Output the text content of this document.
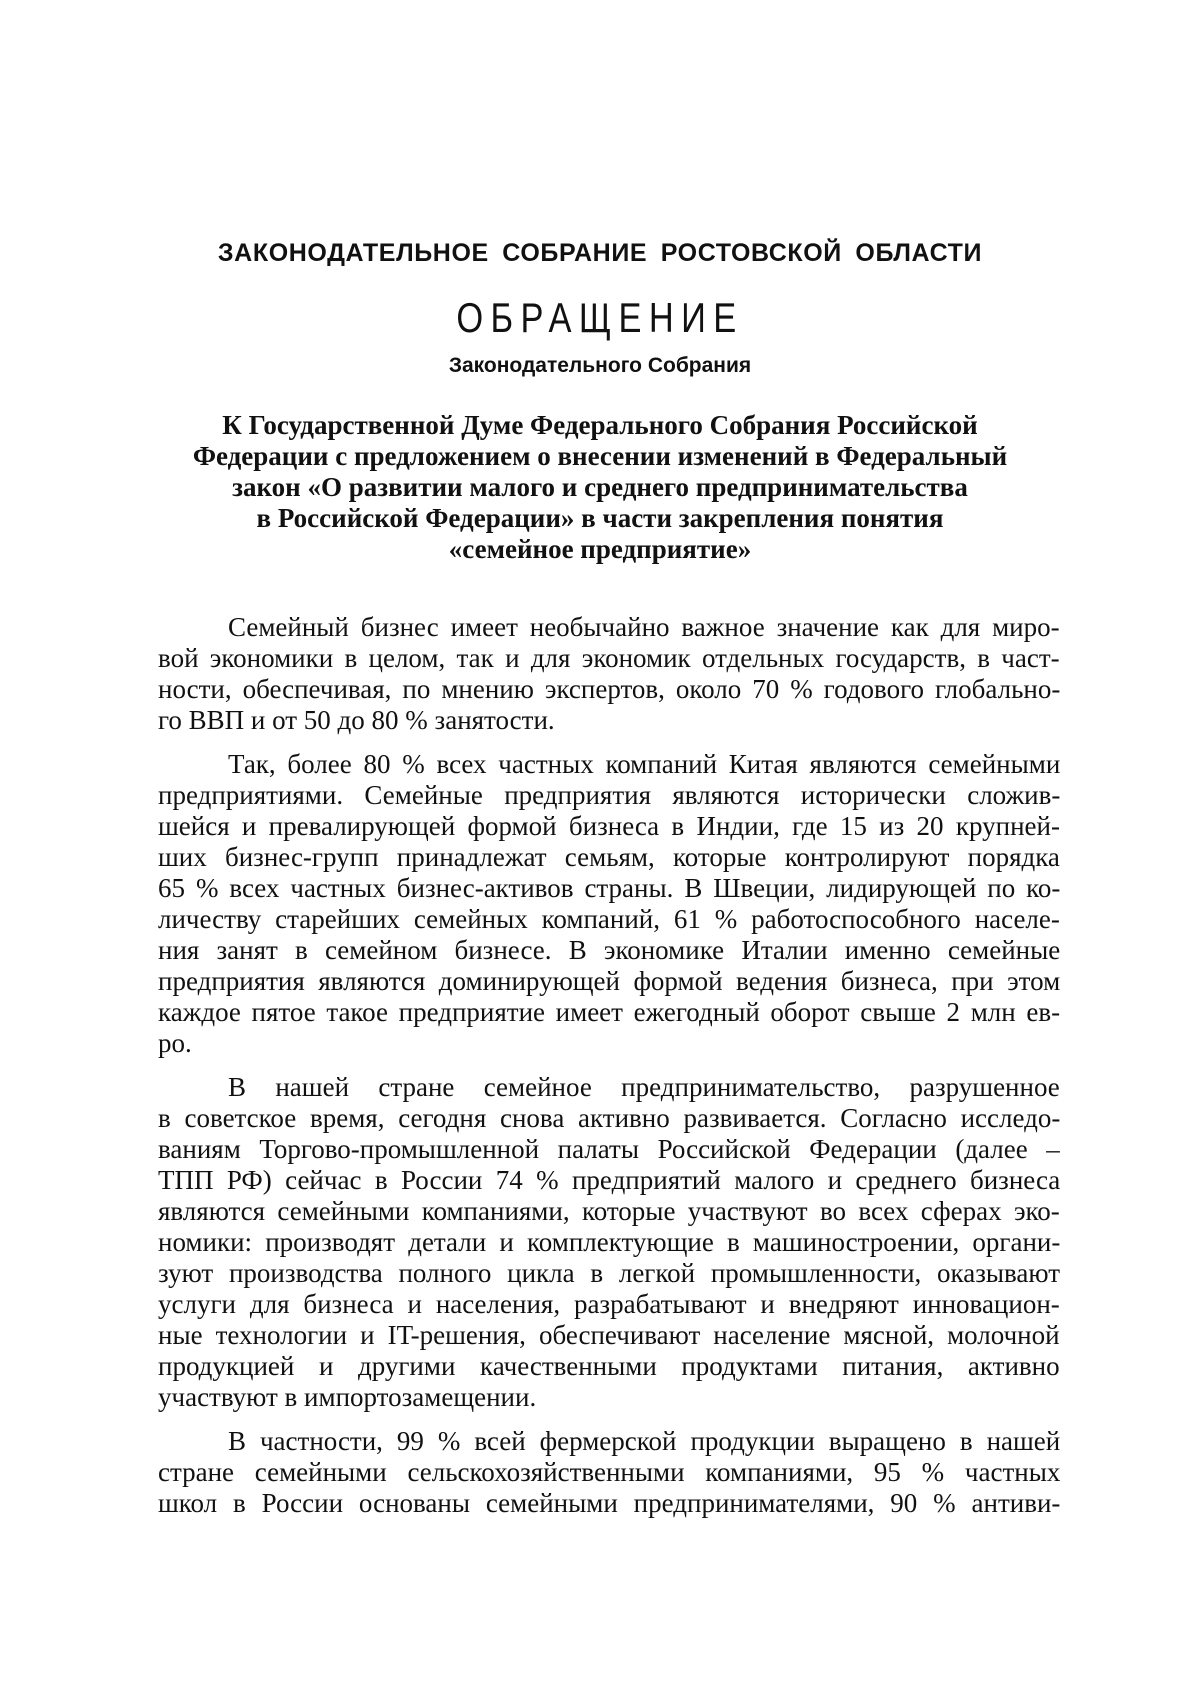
ЗАКОНОДАТЕЛЬНОЕ СОБРАНИЕ РОСТОВСКОЙ ОБЛАСТИ
ОБРАЩЕНИЕ
Законодательного Собрания
К Государственной Думе Федерального Собрания Российской
Федерации с предложением о внесении изменений в Федеральный
закон «О развитии малого и среднего предпринимательства
в Российской Федерации» в части закрепления понятия
«семейное предприятие»
Семейный бизнес имеет необычайно важное значение как для миро-
вой экономики в целом, так и для экономик отдельных государств, в част-
ности, обеспечивая, по мнению экспертов, около 70 % годового глобально-
го ВВП и от 50 до 80 % занятости.
Так, более 80 % всех частных компаний Китая являются семейными
предприятиями. Семейные предприятия являются исторически сложив-
шейся и превалирующей формой бизнеса в Индии, где 15 из 20 крупней-
ших бизнес-групп принадлежат семьям, которые контролируют порядка
65 % всех частных бизнес-активов страны. В Швеции, лидирующей по ко-
личеству старейших семейных компаний, 61 % работоспособного населе-
ния занят в семейном бизнесе. В экономике Италии именно семейные
предприятия являются доминирующей формой ведения бизнеса, при этом
каждое пятое такое предприятие имеет ежегодный оборот свыше 2 млн ев-
ро.
В нашей стране семейное предпринимательство, разрушенное
в советское время, сегодня снова активно развивается. Согласно исследо-
ваниям Торгово-промышленной палаты Российской Федерации (далее –
ТПП РФ) сейчас в России 74 % предприятий малого и среднего бизнеса
являются семейными компаниями, которые участвуют во всех сферах эко-
номики: производят детали и комплектующие в машиностроении, органи-
зуют производства полного цикла в легкой промышленности, оказывают
услуги для бизнеса и населения, разрабатывают и внедряют инновацион-
ные технологии и IT-решения, обеспечивают население мясной, молочной
продукцией и другими качественными продуктами питания, активно
участвуют в импортозамещении.
В частности, 99 % всей фермерской продукции выращено в нашей
стране семейными сельскохозяйственными компаниями, 95 % частных
школ в России основаны семейными предпринимателями, 90 % антиви-
